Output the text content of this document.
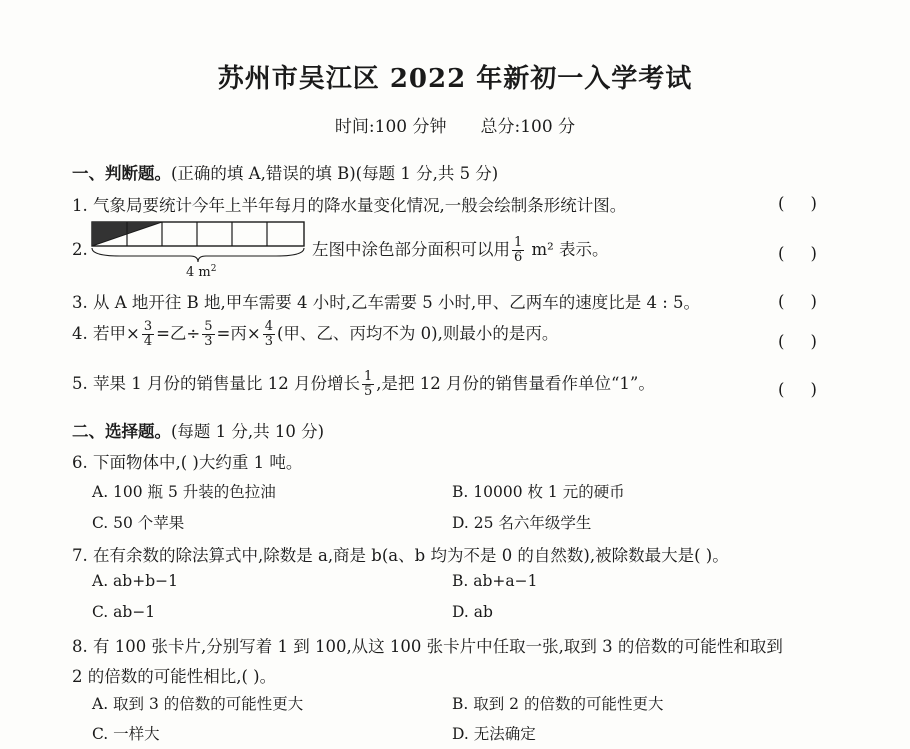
苏州市吴江区 2022 年新初一入学考试
时间:100 分钟 总分:100 分
一、判断题。(正确的填 A,错误的填 B)(每题 1 分,共 5 分)
1. 气象局要统计今年上半年每月的降水量变化情况,一般会绘制条形统计图。	( )
2.
4 $m^2$
左图中涂色部分面积可以用 $\frac{1}{6} m^2$ 表示。	( )
3. 从 A 地开往 B 地,甲车需要 4 小时,乙车需要 5 小时,甲、乙两车的速度比是 4 : 5。	( )
4. 若甲× $\frac{3}{4}$ =乙÷ $\frac{5}{3}$ =丙× $\frac{4}{3}$ (甲、乙、丙均不为 0),则最小的是丙。	( )
5. 苹果 1 月份的销售量比 12 月份增长 $\frac{1}{5}$ ,是把 12 月份的销售量看作单位“1”。	( )
二、选择题。(每题 1 分,共 10 分)
6. 下面物体中,( )大约重 1 吨。
A. 100 瓶 5 升装的色拉油	B. 10000 枚 1 元的硬币
C. 50 个苹果	D. 25 名六年级学生
7. 在有余数的除法算式中,除数是 a,商是 b(a、b 均为不是 0 的自然数),被除数最大是( )。
A. ab+b−1	B. ab+a−1
C. ab−1	D. ab
8. 有 100 张卡片,分别写着 1 到 100,从这 100 张卡片中任取一张,取到 3 的倍数的可能性和取到
2 的倍数的可能性相比,( )。
A. 取到 3 的倍数的可能性更大	B. 取到 2 的倍数的可能性更大
C. 一样大	D. 无法确定
